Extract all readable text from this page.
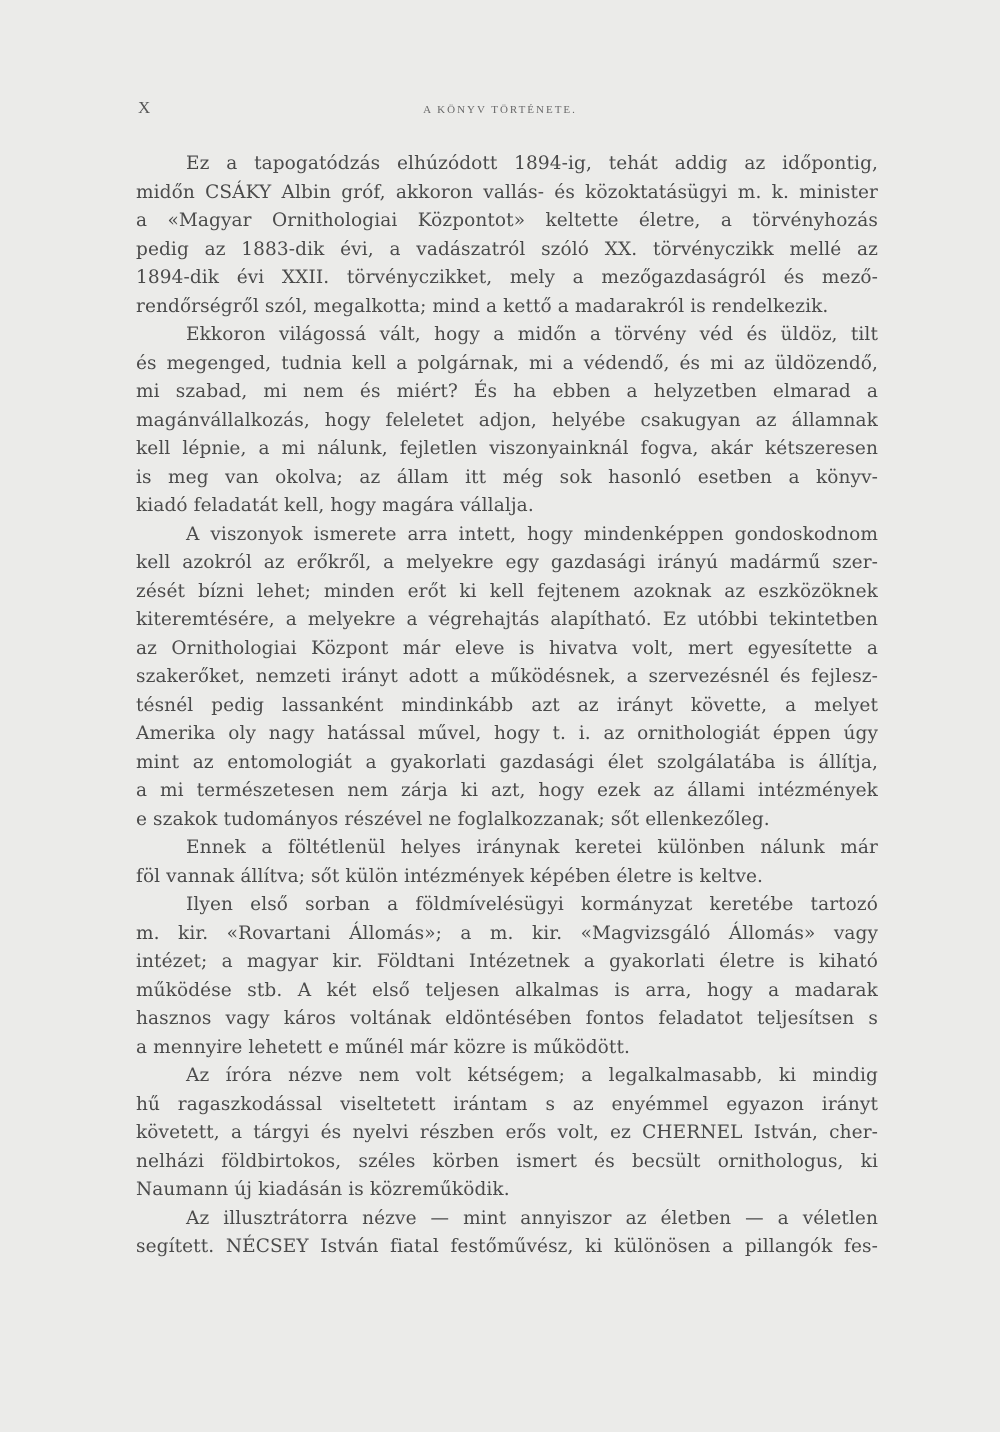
X	A KÖNYV TÖRTÉNETE.
Ez a tapogatódzás elhúzódott 1894-ig, tehát addig az időpontig,
midőn CSÁKY Albin gróf, akkoron vallás- és közoktatásügyi m. k. minister
a «Magyar Ornithologiai Központot» keltette életre, a törvényhozás
pedig az 1883-dik évi, a vadászatról szóló XX. törvényczikk mellé az
1894-dik évi XXII. törvényczikket, mely a mezőgazdaságról és mező-
rendőrségről szól, megalkotta; mind a kettő a madarakról is rendelkezik.
Ekkoron világossá vált, hogy a midőn a törvény véd és üldöz, tilt
és megenged, tudnia kell a polgárnak, mi a védendő, és mi az üldözendő,
mi szabad, mi nem és miért? És ha ebben a helyzetben elmarad a
magánvállalkozás, hogy feleletet adjon, helyébe csakugyan az államnak
kell lépnie, a mi nálunk, fejletlen viszonyainknál fogva, akár kétszeresen
is meg van okolva; az állam itt még sok hasonló esetben a könyv-
kiadó feladatát kell, hogy magára vállalja.
A viszonyok ismerete arra intett, hogy mindenképpen gondoskodnom
kell azokról az erőkről, a melyekre egy gazdasági irányú madármű szer-
zését bízni lehet; minden erőt ki kell fejtenem azoknak az eszközöknek
kiteremtésére, a melyekre a végrehajtás alapítható. Ez utóbbi tekintetben
az Ornithologiai Központ már eleve is hivatva volt, mert egyesítette a
szakerőket, nemzeti irányt adott a működésnek, a szervezésnél és fejlesz-
tésnél pedig lassanként mindinkább azt az irányt követte, a melyet
Amerika oly nagy hatással művel, hogy t. i. az ornithologiát éppen úgy
mint az entomologiát a gyakorlati gazdasági élet szolgálatába is állítja,
a mi természetesen nem zárja ki azt, hogy ezek az állami intézmények
e szakok tudományos részével ne foglalkozzanak; sőt ellenkezőleg.
Ennek a föltétlenül helyes iránynak keretei különben nálunk már
föl vannak állítva; sőt külön intézmények képében életre is keltve.
Ilyen első sorban a földmívelésügyi kormányzat keretébe tartozó
m. kir. «Rovartani Állomás»; a m. kir. «Magvizsgáló Állomás» vagy
intézet; a magyar kir. Földtani Intézetnek a gyakorlati életre is kiható
működése stb. A két első teljesen alkalmas is arra, hogy a madarak
hasznos vagy káros voltának eldöntésében fontos feladatot teljesítsen s
a mennyire lehetett e műnél már közre is működött.
Az íróra nézve nem volt kétségem; a legalkalmasabb, ki mindig
hű ragaszkodással viseltetett irántam s az enyémmel egyazon irányt
követett, a tárgyi és nyelvi részben erős volt, ez CHERNEL István, cher-
nelházi földbirtokos, széles körben ismert és becsült ornithologus, ki
Naumann új kiadásán is közreműködik.
Az illusztrátorra nézve — mint annyiszor az életben — a véletlen
segített. NÉCSEY István fiatal festőművész, ki különösen a pillangók fes-
